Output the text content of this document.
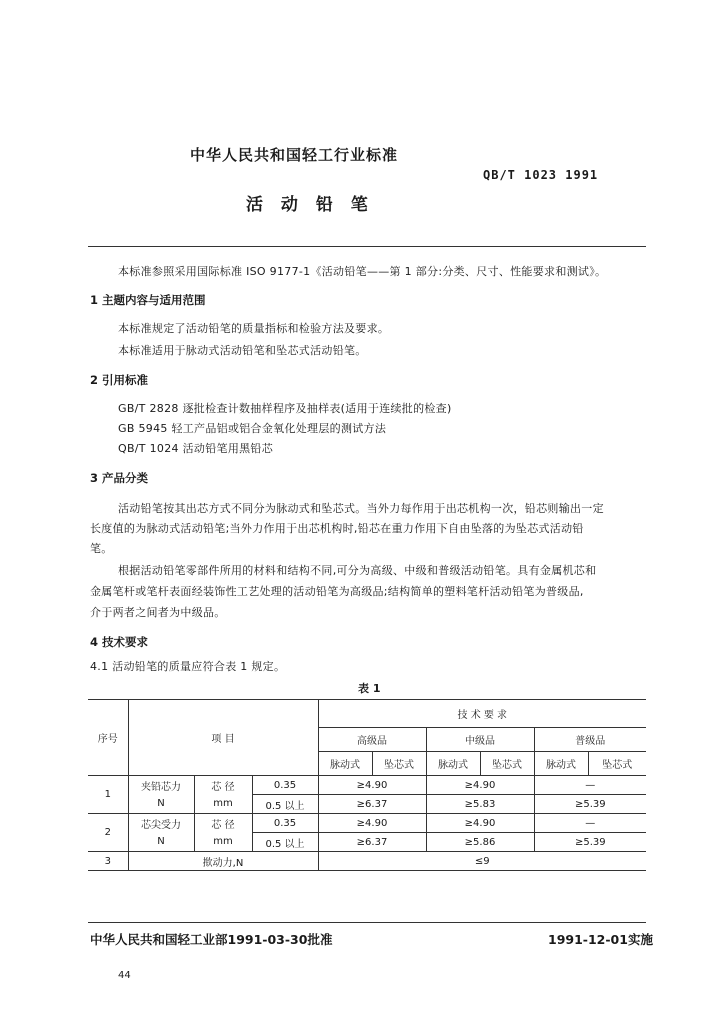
中华人民共和国轻工行业标准
QB/T 1023 1991
活 动 铅 笔
本标准参照采用国际标准 ISO 9177-1《活动铅笔——第 1 部分:分类、尺寸、性能要求和测试》。
1 主题内容与适用范围
本标准规定了活动铅笔的质量指标和检验方法及要求。
本标准适用于脉动式活动铅笔和坠芯式活动铅笔。
2 引用标准
GB/T 2828 逐批检查计数抽样程序及抽样表(适用于连续批的检查)
GB 5945 轻工产品铝或铝合金氧化处理层的测试方法
QB/T 1024 活动铅笔用黑铅芯
3 产品分类
活动铅笔按其出芯方式不同分为脉动式和坠芯式。当外力每作用于出芯机构一次，铅芯则输出一定
长度值的为脉动式活动铅笔;当外力作用于出芯机构时,铅芯在重力作用下自由坠落的为坠芯式活动铅
笔。
根据活动铅笔零部件所用的材料和结构不同,可分为高级、中级和普级活动铅笔。具有金属机芯和
金属笔杆或笔杆表面经装饰性工艺处理的活动铅笔为高级品;结构简单的塑料笔杆活动铅笔为普级品,
介于两者之间者为中级品。
4 技术要求
4.1 活动铅笔的质量应符合表 1 规定。
表 1
序号	项 目			技 术 要 求					
				高级品		中级品		普级品	
				脉动式	坠芯式	脉动式	坠芯式	脉动式	坠芯式
1	夹铅芯力	芯 径	0.35	≥4.90		≥4.90		—	
	N	mm	0.5 以上	≥6.37		≥5.83		≥5.39	
2	芯尖受力	芯 径	0.35	≥4.90		≥4.90		—	
	N	mm	0.5 以上	≥6.37		≥5.86		≥5.39	
3	揿动力,N			≤9					
中华人民共和国轻工业部1991-03-30批准	1991-12-01实施
44
